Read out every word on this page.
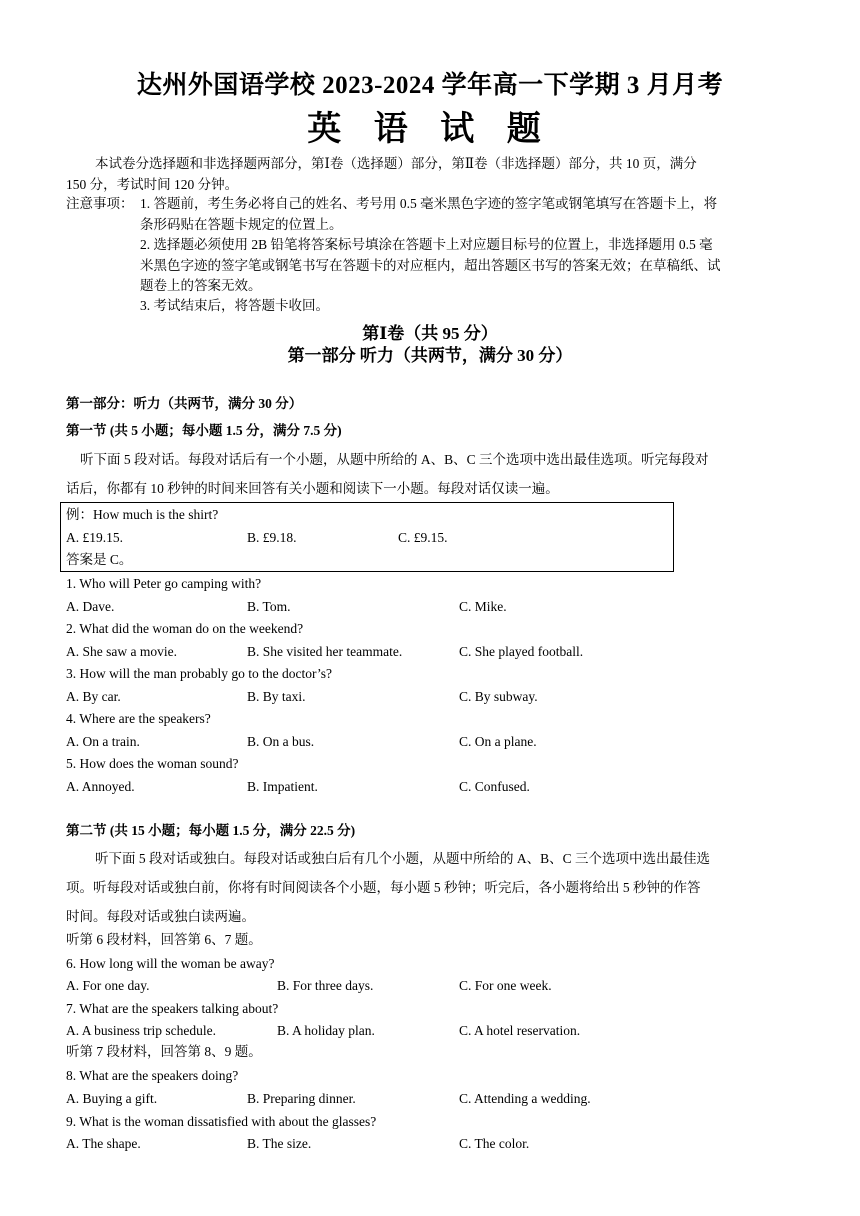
达州外国语学校 2023-2024 学年高一下学期 3 月月考
英 语 试 题
本试卷分选择题和非选择题两部分，第Ⅰ卷（选择题）部分，第Ⅱ卷（非选择题）部分，共 10 页，满分
150 分，考试时间 120 分钟。
注意事项： 1. 答题前，考生务必将自己的姓名、考号用 0.5 毫米黑色字迹的签字笔或钢笔填写在答题卡上，将
条形码贴在答题卡规定的位置上。
2. 选择题必须使用 2B 铅笔将答案标号填涂在答题卡上对应题目标号的位置上，非选择题用 0.5 毫
米黑色字迹的签字笔或钢笔书写在答题卡的对应框内，超出答题区书写的答案无效；在草稿纸、试
题卷上的答案无效。
3. 考试结束后，将答题卡收回。
第Ⅰ卷（共 95 分）
第一部分 听力（共两节，满分 30 分）
第一部分：听力（共两节，满分 30 分）
第一节 (共 5 小题；每小题 1.5 分，满分 7.5 分)
听下面 5 段对话。每段对话后有一个小题，从题中所给的 A、B、C 三个选项中选出最佳选项。听完每段对
话后，你都有 10 秒钟的时间来回答有关小题和阅读下一小题。每段对话仅读一遍。
例：How much is the shirt?
A. £19.15.	B. £9.18.	C. £9.15.
答案是 C。
1. Who will Peter go camping with?
A. Dave.	B. Tom.	C. Mike.
2. What did the woman do on the weekend?
A. She saw a movie.	B. She visited her teammate.	C. She played football.
3. How will the man probably go to the doctor’s?
A. By car.	B. By taxi.	C. By subway.
4. Where are the speakers?
A. On a train.	B. On a bus.	C. On a plane.
5. How does the woman sound?
A. Annoyed.	B. Impatient.	C. Confused.
第二节 (共 15 小题；每小题 1.5 分，满分 22.5 分)
听下面 5 段对话或独白。每段对话或独白后有几个小题，从题中所给的 A、B、C 三个选项中选出最佳选
项。听每段对话或独白前，你将有时间阅读各个小题，每小题 5 秒钟；听完后，各小题将给出 5 秒钟的作答
时间。每段对话或独白读两遍。
听第 6 段材料，回答第 6、7 题。
6. How long will the woman be away?
A. For one day.	B. For three days.	C. For one week.
7. What are the speakers talking about?
A. A business trip schedule.	B. A holiday plan.	C. A hotel reservation.
听第 7 段材料，回答第 8、9 题。
8. What are the speakers doing?
A. Buying a gift.	B. Preparing dinner.	C. Attending a wedding.
9. What is the woman dissatisfied with about the glasses?
A. The shape.	B. The size.	C. The color.
